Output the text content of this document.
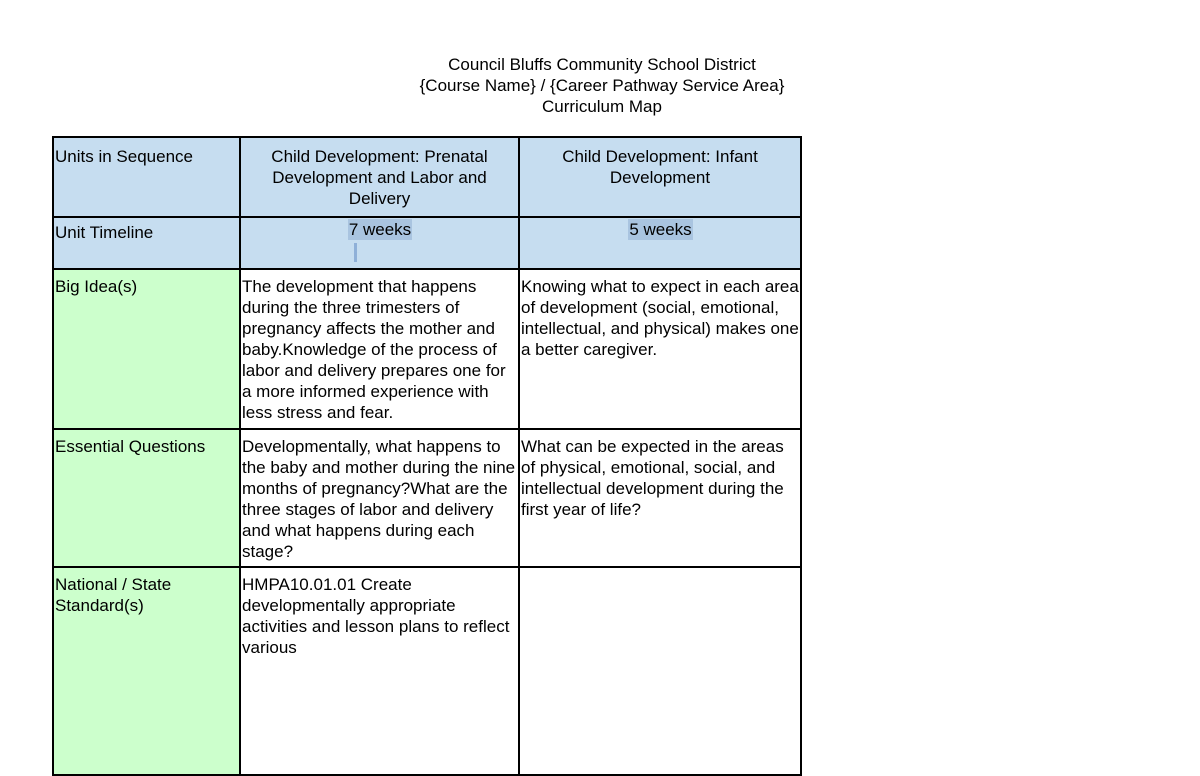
Council Bluffs Community School District
{Course Name} / {Career Pathway Service Area}
Curriculum Map
Units in Sequence	Child Development: Prenatal Development and Labor and Delivery	Child Development: Infant Development
Unit Timeline	7 weeks	5 weeks
Big Idea(s)	The development that happens during the three trimesters of pregnancy affects the mother and baby.Knowledge of the process of labor and delivery prepares one for a more informed experience with less stress and fear.	Knowing what to expect in each area of development (social, emotional, intellectual, and physical) makes one a better caregiver.
Essential Questions	Developmentally, what happens to the baby and mother during the nine months of pregnancy?What are the three stages of labor and delivery and what happens during each stage?	What can be expected in the areas of physical, emotional, social, and intellectual development during the first year of life?
National / State Standard(s)	HMPA10.01.01 Create developmentally appropriate activities and lesson plans to reflect various	
